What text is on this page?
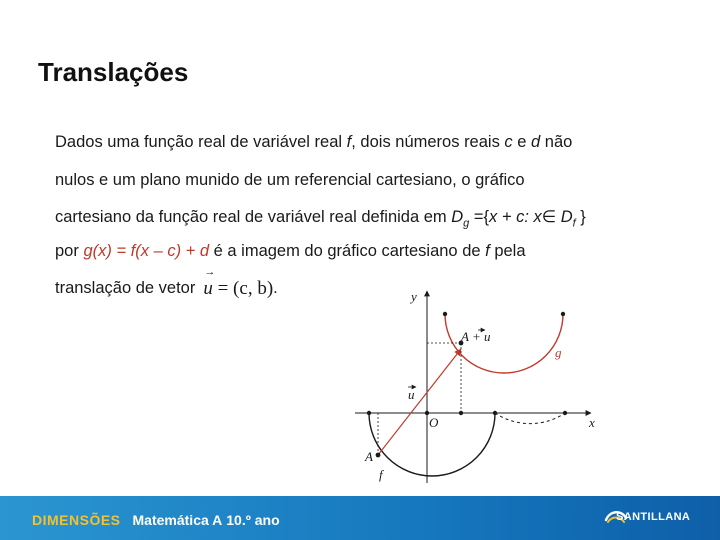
Translações
Dados uma função real de variável real f, dois números reais c e d não
nulos e um plano munido de um referencial cartesiano, o gráfico
cartesiano da função real de variável real definida em $D_g =\{x + c$: x∈ $D_f$ }
por g(x) = f(x – c) + d é a imagem do gráfico cartesiano de f pela
translação de vetor→ u = (c, b).	y
x
O
A
A + u
u
f
g
DIMENSÕES Matemática A 10.º ano	SANTILLANA
